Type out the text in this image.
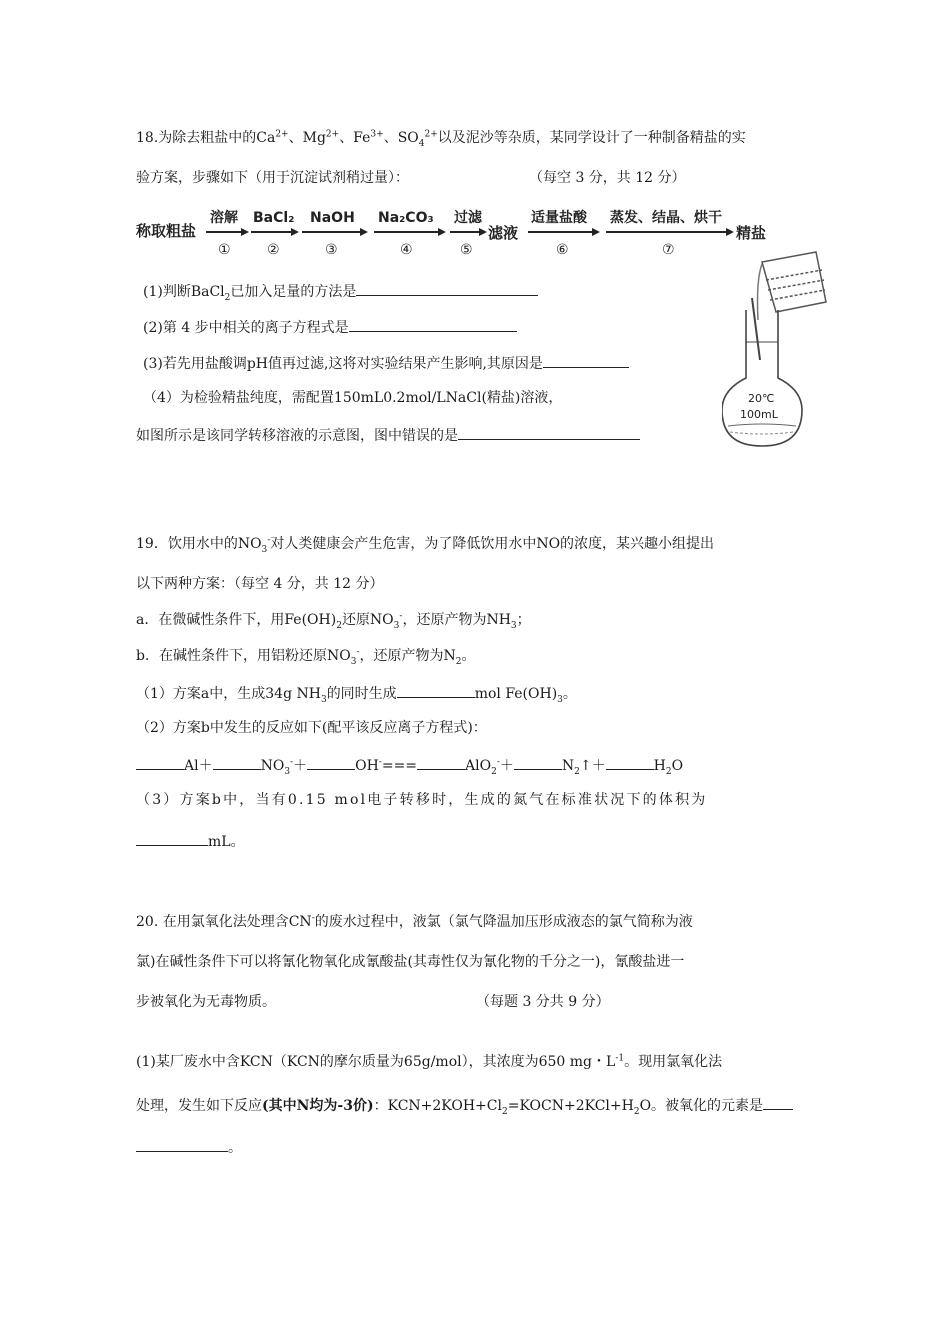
18.为除去粗盐中的$Ca^{2+}$、$Mg^{2+}$、$Fe^{3+}$、$SO_4^{2+}$以及泥沙等杂质，某同学设计了一种制备精盐的实
验方案，步骤如下（用于沉淀试剂稍过量）：	（每空 3 分，共 12 分）
称取粗盐
溶解
①
BaCl₂
②
NaOH
③
Na₂CO₃
④
过滤
⑤
滤液
适量盐酸
⑥
蒸发、结晶、烘干
⑦
精盐
(1)判断BaCl$_2$已加入足量的方法是
(2)第 4 步中相关的离子方程式是
(3)若先用盐酸调pH值再过滤,这将对实验结果产生影响,其原因是
（4）为检验精盐纯度，需配置150mL0.2mol/LNaCl(精盐)溶液，
如图所示是该同学转移溶液的示意图，图中错误的是
20℃
100mL
19．饮用水中的$NO_3^-$对人类健康会产生危害，为了降低饮用水中NO的浓度，某兴趣小组提出
以下两种方案：（每空 4 分，共 12 分）
a．在微碱性条件下，用$Fe(OH)_2$还原$NO_3^-$，还原产物为$NH_3$；
b．在碱性条件下，用铝粉还原$NO_3^-$，还原产物为$N_2$。
（1）方案a中，生成34g $NH_3$的同时生成	mol $Fe(OH)_3$。
（2）方案b中发生的反应如下(配平该反应离子方程式)：
Al＋	$NO_3^-+$	OH-===	AlO$_2$-＋	$N_2↑+$	$H_2O$
（3）方案b中，当有0.15 mol电子转移时，生成的氮气在标准状况下的体积为
mL。
20. 在用氯氧化法处理含CN-的废水过程中，液氯（氯气降温加压形成液态的氯气简称为液
氯)在碱性条件下可以将氰化物氧化成氰酸盐(其毒性仅为氰化物的千分之一)，氰酸盐进一
步被氧化为无毒物质。	（每题 3 分共 9 分）
(1)某厂废水中含KCN（KCN的摩尔质量为65g/mol），其浓度为650 mg・$L^{-1}$。现用氯氧化法
处理，发生如下反应(其中N均为-3价)：$KCN+2KOH+Cl_2=KOCN+2KCl+H_2O$。被氧化的元素是
。
